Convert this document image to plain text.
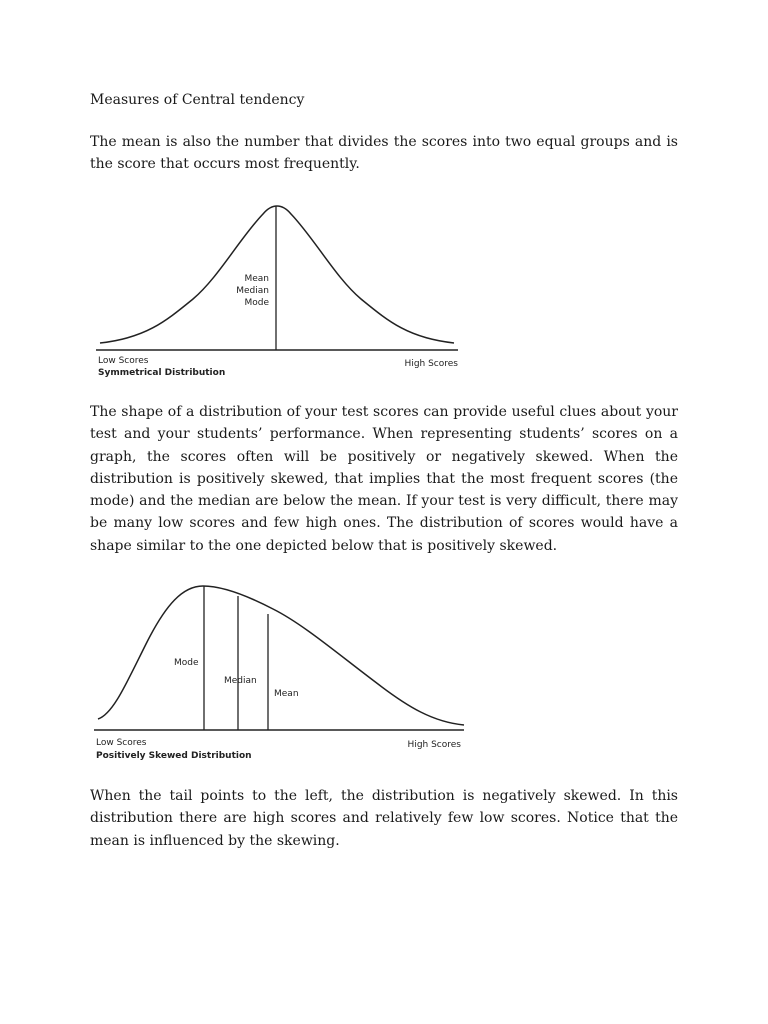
Measures of Central tendency

The mean is also the number that divides the scores into two equal groups and is the score that occurs most frequently.

Mean
Median
Mode
Low Scores	High Scores
Symmetrical Distribution

The shape of a distribution of your test scores can provide useful clues about your test and your students’ performance. When representing students’ scores on a graph, the scores often will be positively or negatively skewed. When the distribution is positively skewed, that implies that the most frequent scores (the mode) and the median are below the mean. If your test is very difficult, there may be many low scores and few high ones. The distribution of scores would have a shape similar to the one depicted below that is positively skewed.

Mode
Median
Mean
Low Scores	High Scores
Positively Skewed Distribution

When the tail points to the left, the distribution is negatively skewed. In this distribution there are high scores and relatively few low scores. Notice that the mean is influenced by the skewing.
